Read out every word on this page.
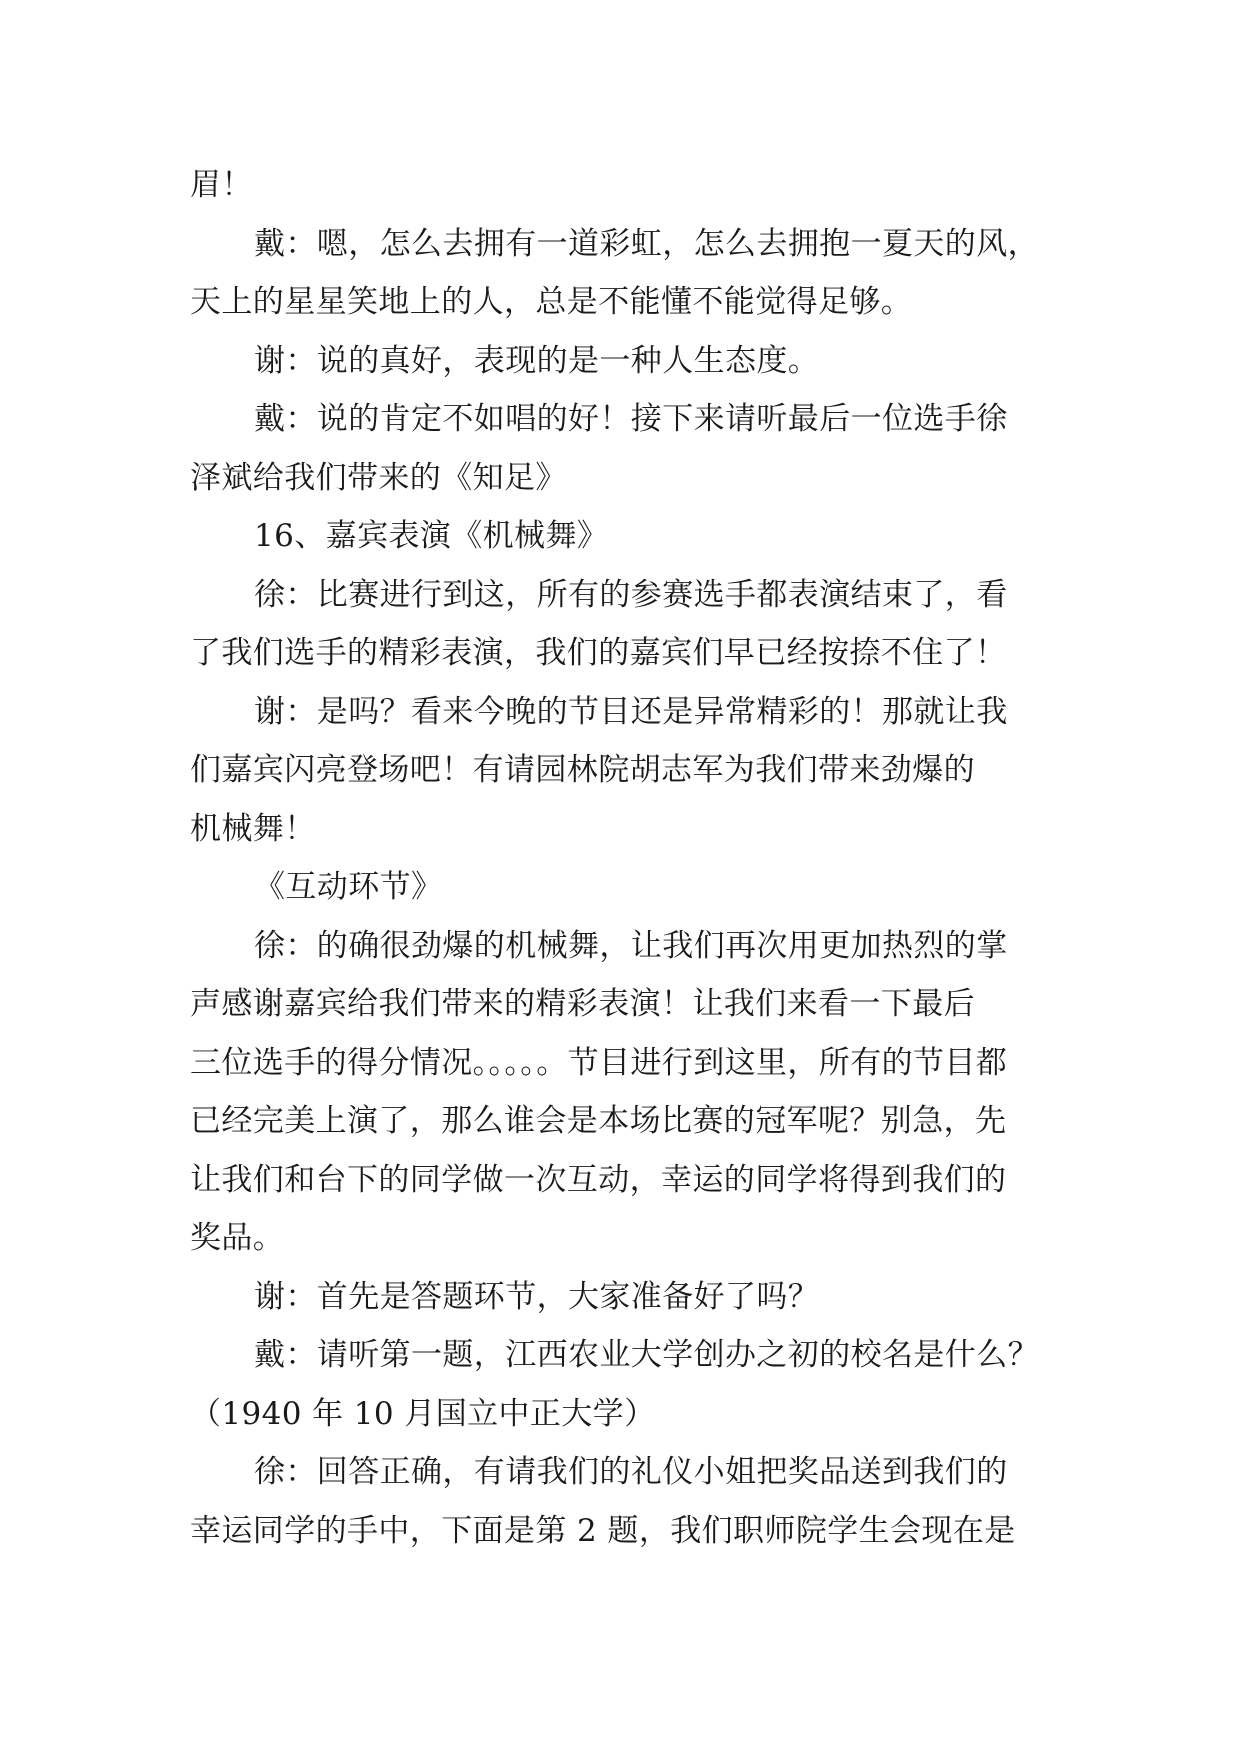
眉！

戴：嗯，怎么去拥有一道彩虹，怎么去拥抱一夏天的风，

天上的星星笑地上的人，总是不能懂不能觉得足够。

谢：说的真好，表现的是一种人生态度。

戴：说的肯定不如唱的好！接下来请听最后一位选手徐

泽斌给我们带来的《知足》

16、嘉宾表演《机械舞》

徐：比赛进行到这，所有的参赛选手都表演结束了，看

了我们选手的精彩表演，我们的嘉宾们早已经按捺不住了！

谢：是吗？看来今晚的节目还是异常精彩的！那就让我

们嘉宾闪亮登场吧！有请园林院胡志军为我们带来劲爆的

机械舞！

《互动环节》

徐：的确很劲爆的机械舞，让我们再次用更加热烈的掌

声感谢嘉宾给我们带来的精彩表演！让我们来看一下最后

三位选手的得分情况。。。。。节目进行到这里，所有的节目都

已经完美上演了，那么谁会是本场比赛的冠军呢？别急，先

让我们和台下的同学做一次互动，幸运的同学将得到我们的

奖品。

谢：首先是答题环节，大家准备好了吗？

戴：请听第一题，江西农业大学创办之初的校名是什么？

（1940 年 10 月国立中正大学）

徐：回答正确，有请我们的礼仪小姐把奖品送到我们的

幸运同学的手中，下面是第 2 题，我们职师院学生会现在是
